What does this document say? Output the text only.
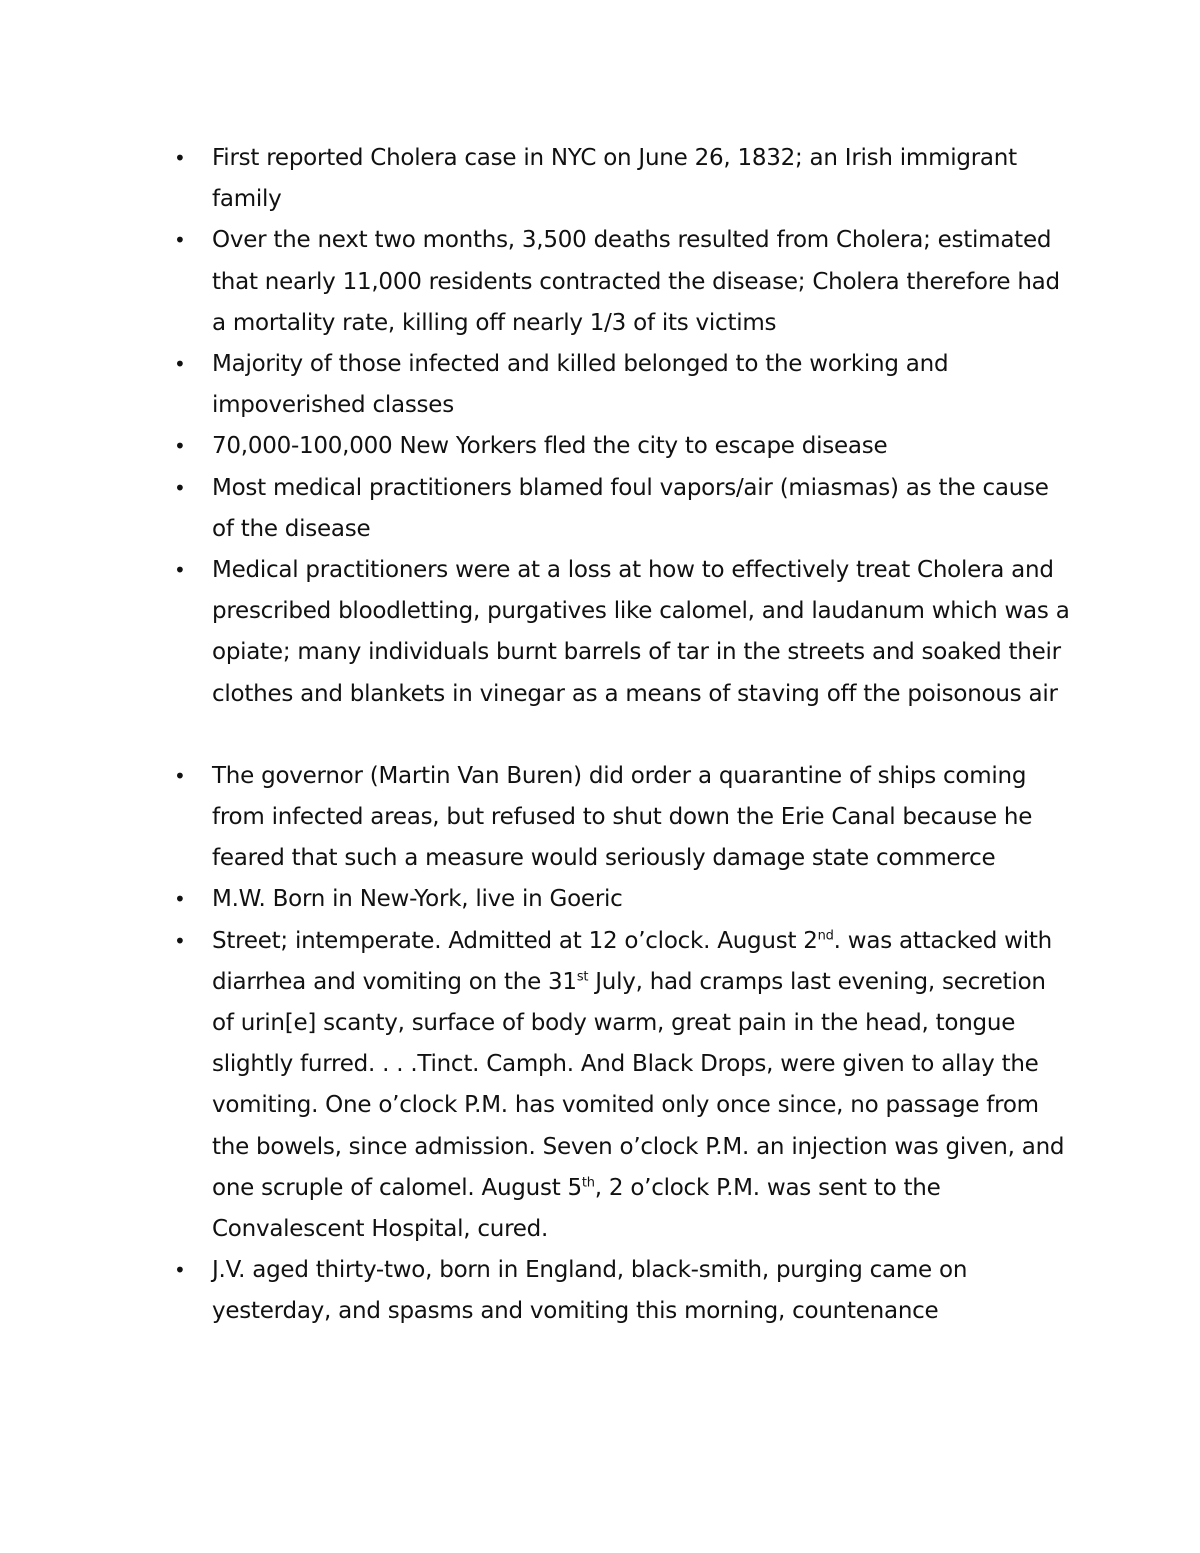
• First reported Cholera case in NYC on June 26, 1832; an Irish immigrant family
• Over the next two months, 3,500 deaths resulted from Cholera; estimated that nearly 11,000 residents contracted the disease; Cholera therefore had a mortality rate, killing off nearly 1/3 of its victims
• Majority of those infected and killed belonged to the working and impoverished classes
• 70,000-100,000 New Yorkers fled the city to escape disease
• Most medical practitioners blamed foul vapors/air (miasmas) as the cause of the disease
• Medical practitioners were at a loss at how to effectively treat Cholera and prescribed bloodletting, purgatives like calomel, and laudanum which was a opiate; many individuals burnt barrels of tar in the streets and soaked their clothes and blankets in vinegar as a means of staving off the poisonous air
• The governor (Martin Van Buren) did order a quarantine of ships coming from infected areas, but refused to shut down the Erie Canal because he feared that such a measure would seriously damage state commerce
• M.W. Born in New-York, live in Goeric
• Street; intemperate. Admitted at 12 o’clock. August 2nd. was attacked with diarrhea and vomiting on the 31st July, had cramps last evening, secretion of urin[e] scanty, surface of body warm, great pain in the head, tongue slightly furred. . . .Tinct. Camph. And Black Drops, were given to allay the vomiting. One o’clock P.M. has vomited only once since, no passage from the bowels, since admission. Seven o’clock P.M. an injection was given, and one scruple of calomel. August 5th, 2 o’clock P.M. was sent to the Convalescent Hospital, cured.
• J.V. aged thirty-two, born in England, black-smith, purging came on yesterday, and spasms and vomiting this morning, countenance
